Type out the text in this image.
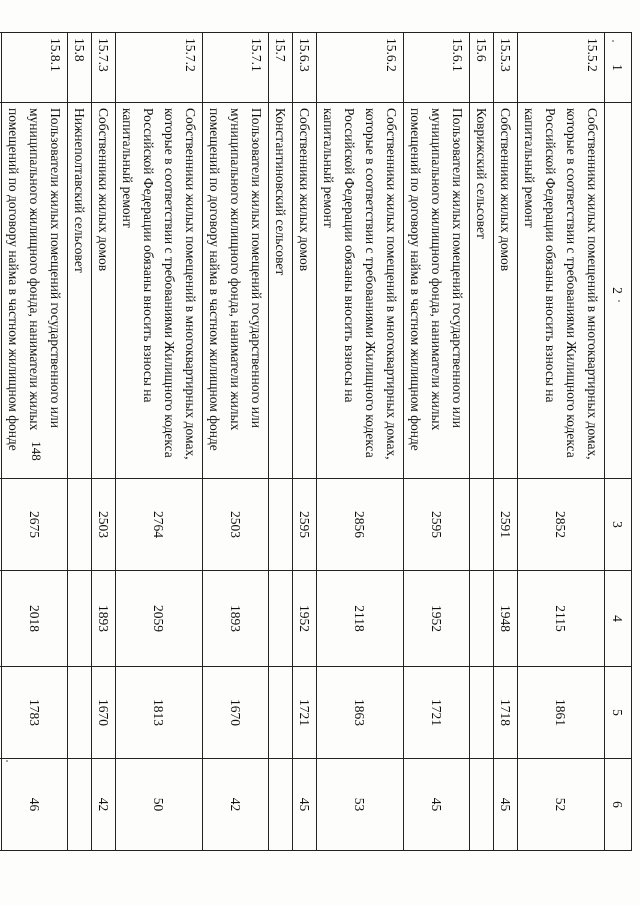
148
1	2	3	4	5	6
15.5.2	Собственники жилых помещений в многоквартирных домах, которые в соответствии с требованиями Жилищного кодекса Российской Федерации обязаны вносить взносы на капитальный ремонт	2852	2115	1861	52
15.5.3	Собственники жилых домов	2591	1948	1718	45
15.6	Коврижский сельсовет				
15.6.1	Пользователи жилых помещений государственного или муниципального жилищного фонда, наниматели жилых помещений по договору найма в частном жилищном фонде	2595	1952	1721	45
15.6.2	Собственники жилых помещений в многоквартирных домах, которые в соответствии с требованиями Жилищного кодекса Российской Федерации обязаны вносить взносы на капитальный ремонт	2856	2118	1863	53
15.6.3	Собственники жилых домов	2595	1952	1721	45
15.7	Константиновский сельсовет				
15.7.1	Пользователи жилых помещений государственного или муниципального жилищного фонда, наниматели жилых помещений по договору найма в частном жилищном фонде	2503	1893	1670	42
15.7.2	Собственники жилых помещений в многоквартирных домах, которые в соответствии с требованиями Жилищного кодекса Российской Федерации обязаны вносить взносы на капитальный ремонт	2764	2059	1813	50
15.7.3	Собственники жилых домов	2503	1893	1670	42
15.8	Нижнеполтавский сельсовет				
15.8.1	Пользователи жилых помещений государственного или муниципального жилищного фонда, наниматели жилых помещений по договору найма в частном жилищном фонде	2675	2018	1783	46
